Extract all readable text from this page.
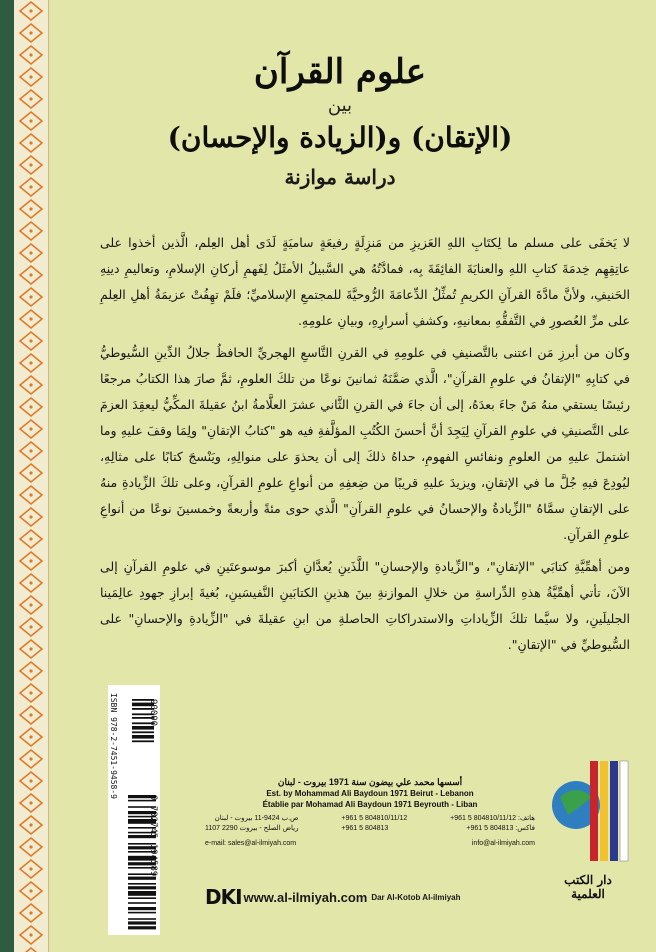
علوم القرآن
بين
(الإتقان) و(الزيادة والإحسان)
دراسة موازنة

لا يَخفَى على مسلم ما لِكتَابِ اللهِ العَزيزِ من مَنزِلَةٍ رفيعَةٍ ساميَةٍ لَدَى أهل العِلم، الَّذين أخذوا على عاتِقِهِم خِدمَةَ كتابِ اللهِ والعنايَةَ الفائِقَةَ بِه، فمادَّتُهُ هي السَّبيلُ الأمثَلُ لِفَهمِ أركانِ الإسلامِ، وتعاليمِ دينِهِ الحَنيفِ، ولأنَّ مادَّةَ القرآنِ الكريمِ تُمثِّلُ الدِّعامَةَ الرُّوحيَّةَ للمجتمعِ الإسلاميِّ؛ فلَمْ تهِفُتْ عزيمَةُ أهلِ العِلمِ على مرِّ العُصورِ في التَّفقُّهِ بمعانيهِ، وكشفِ أسرارِهِ، وبيانِ علومِهِ.

وكان من أبرزِ مَن اعتنى بالتَّصنيفِ في علومِهِ في القرنِ التَّاسعِ الهجريِّ الحافظُ جلالُ الدِّينِ السُّيوطيُّ في كتابِهِ "الإتقانُ في علومِ القرآنِ"، الَّذي ضمَّنَهُ ثمانينَ نوعًا من تلكَ العلومِ، ثمَّ صارَ هذا الكتابُ مرجعًا رئيسًا يستقي منهُ مَنْ جاءَ بعدَهُ، إلى أن جاءَ في القرنِ الثَّاني عشرَ العلَّامةُ ابنُ عقيلةَ المكِّيُّ ليعقِدَ العزمَ على التَّصنيفِ في علومِ القرآنِ لِيَجِدَ أنَّ أحسنَ الكُتُبِ المؤلَّفةِ فيه هو "كتابُ الإتقانِ" ولِمَا وقفَ عليهِ وما اشتملَ عليهِ من العلومِ ونفائسِ الفهومِ، حداهُ ذلكَ إلى أن يحذوَ على منوالِهِ، ويَنْسجَ كتابًا على مثالِهِ، ليُودِعَ فيهِ جُلَّ ما في الإتقانِ، ويزيدَ عليهِ قريبًا من ضِعفِهِ من أنواعِ علومِ القرآنِ، وعلى تلكَ الزِّيادةِ منهُ على الإتقانِ سمَّاهُ "الزِّيادةُ والإحسانُ في علومِ القرآنِ" الَّذي حوى مئةً وأربعةً وخمسينَ نوعًا من أنواعِ علومِ القرآنِ.

ومن أهمِّيَّةِ كتابَي "الإتقانِ"، و"الزِّيادةِ والإحسانِ" اللَّذَينِ يُعدَّانِ أكبرَ موسوعتَينِ في علومِ القرآنِ إلى الآنَ، تأتي أهمِّيَّةُ هذهِ الدِّراسةِ من خلالِ الموازنةِ بينَ هذينِ الكتابَينِ النَّفيسَينِ، بُغيةَ إبرازِ جهودِ عالِمَينا الجليلَينِ، ولا سيَّما تلكَ الزِّياداتِ والاستدراكاتِ الحاصلةِ من ابنِ عقيلةَ في "الزِّيادةِ والإحسانِ" على السُّيوطيِّ في "الإتقانِ".

ISBN 978-2-7451-9458-9
9 782745 194589
90000
دار الكتب العلمية
أسسها محمد علي بيضون سنة 1971 بيروت - لبنان
Est. by Mohammad Ali Baydoun 1971 Beirut - Lebanon
Établie par Mohamad Ali Baydoun 1971 Beyrouth - Liban
ص.ب 9424-11 بيروت - لبنان
رياض الصلح - بيروت 2290 1107
+961 5 804810/11/12
+961 5 804813
هاتف: 804810/11/12 5 961+
فاكس: 804813 5 961+
e-mail: sales@al-ilmiyah.com	info@al-ilmiyah.com
DKI www.al-ilmiyah.com Dar Al-Kotob Al-ilmiyah
